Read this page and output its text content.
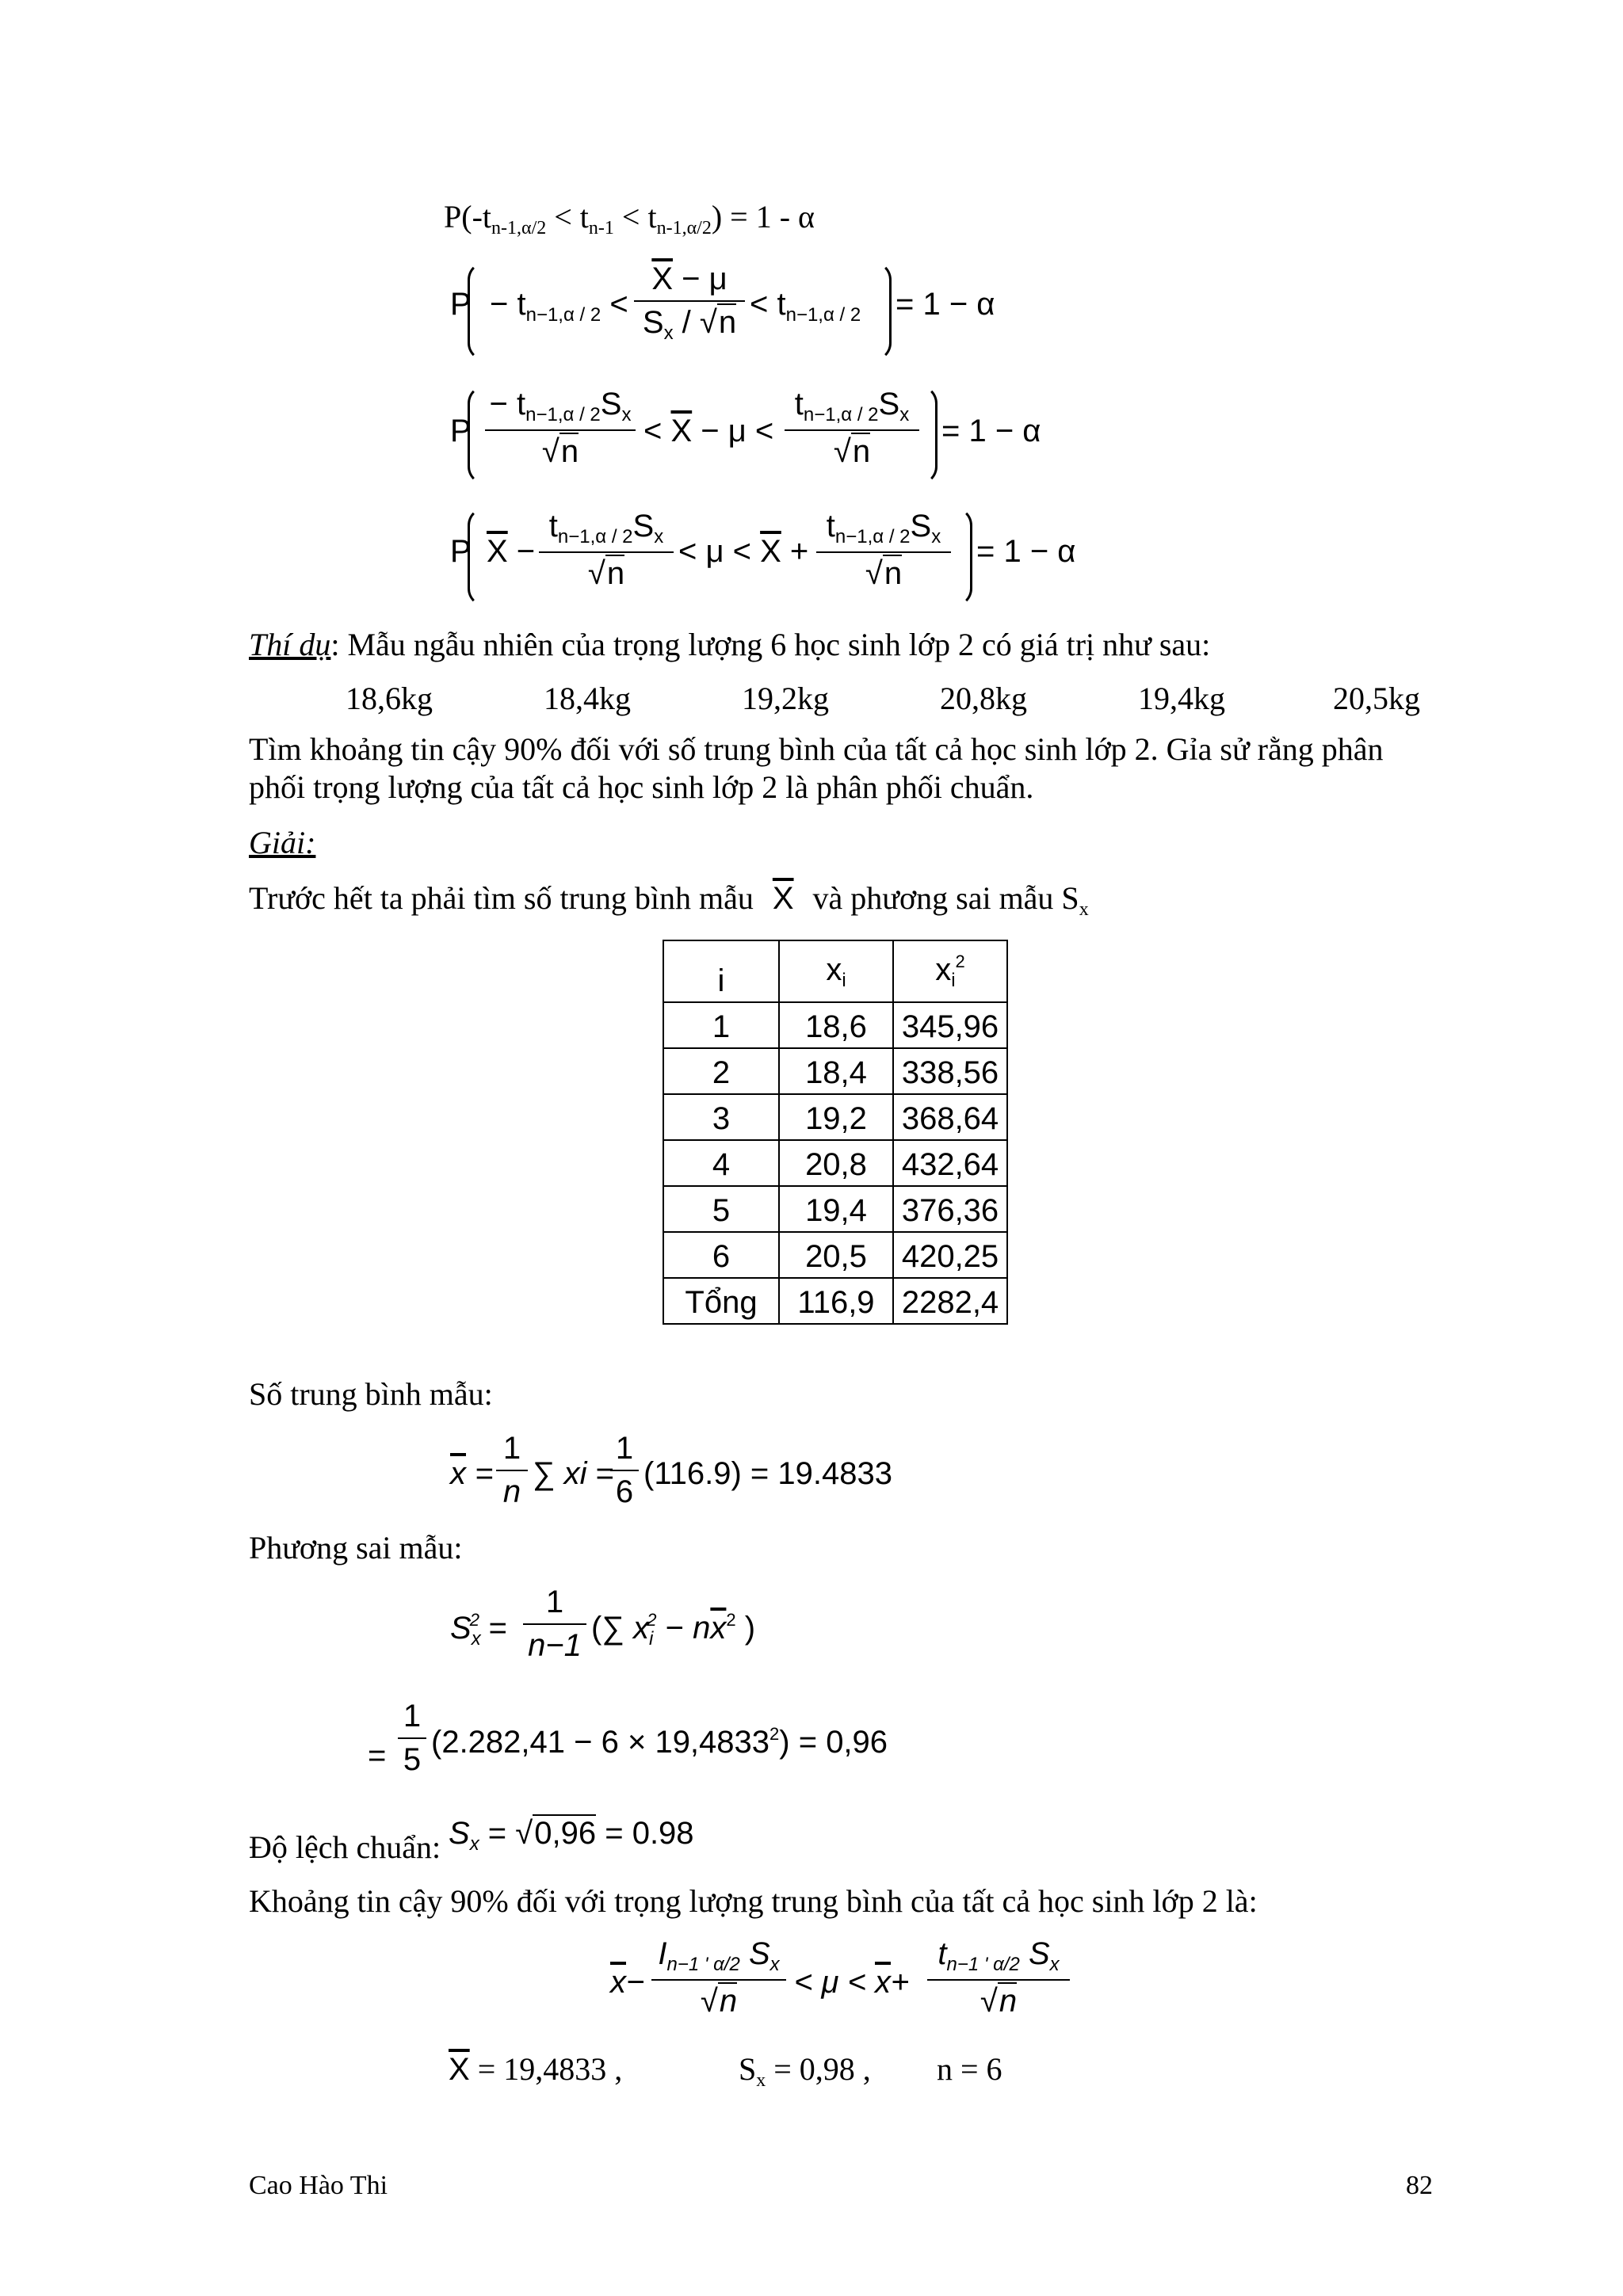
$P(-t_{n-1,\alpha/2} < t_{n-1} < t_{n-1,\alpha/2}) = 1 - \alpha$
$P - t_{n-1,\alpha / 2}$ <
$\overline{X} - \mu$
$S_x / √n$
< $t_{n-1,\alpha / 2} = 1 - \alpha$
P
− $t_{n-1,\alpha / 2}S_x$
√n
< $\overline{X} - \mu$ <
$t_{n-1,\alpha / 2}S_x$
√n
= 1 − α
P $\overline{X}$ −
$t_{n-1,\alpha / 2}S_x$
√n
< $\mu < \overline{X}$ +
$t_{n-1,\alpha / 2}S_x$
√n
= 1 − α
Thí dụ: Mẫu ngẫu nhiên của trọng lượng 6 học sinh lớp 2 có giá trị như sau:
18,6kg	18,4kg	19,2kg	20,8kg	19,4kg	20,5kg
Tìm khoảng tin cậy 90% đối với số trung bình của tất cả học sinh lớp 2. Gỉa sử rằng phân
phối trọng lượng của tất cả học sinh lớp 2 là phân phối chuẩn.
Giải:
Trước hết ta phải tìm số trung bình mẫu $\overline{X}$ và phương sai mẫu $S_x$
i	$x_i$	$x_i^2$
1	18,6	345,96
2	18,4	338,56
3	19,2	368,64
4	20,8	432,64
5	19,4	376,36
6	20,5	420,25
Tổng	116,9	2282,4
Số trung bình mẫu:
$\overline{x}$ =
1
n
∑ xi =
1
6
(116.9) = 19.4833
Phương sai mẫu:
$S_x^2$ =
1
n−1 (∑ $x_i^2 - n\overline{x}^2$ )
=
1
5 $(2.282,41 - 6 \times 19,4833^2) = 0,96$
Độ lệch chuẩn: $S_x = √0,96 = 0.98$
Khoảng tin cậy 90% đối với trọng lượng trung bình của tất cả học sinh lớp 2 là:
$\overline{x}-$
$I_{n-1 ' \alpha/2}$ $S_x$
√n
< $\mu < \overline{x}+$
$t_{n-1 ' \alpha/2}$ $S_x$
√n
$\overline{X} = 19,4833$ ,	$S_x = 0,98$ , n = 6
Cao Hào Thi	82
